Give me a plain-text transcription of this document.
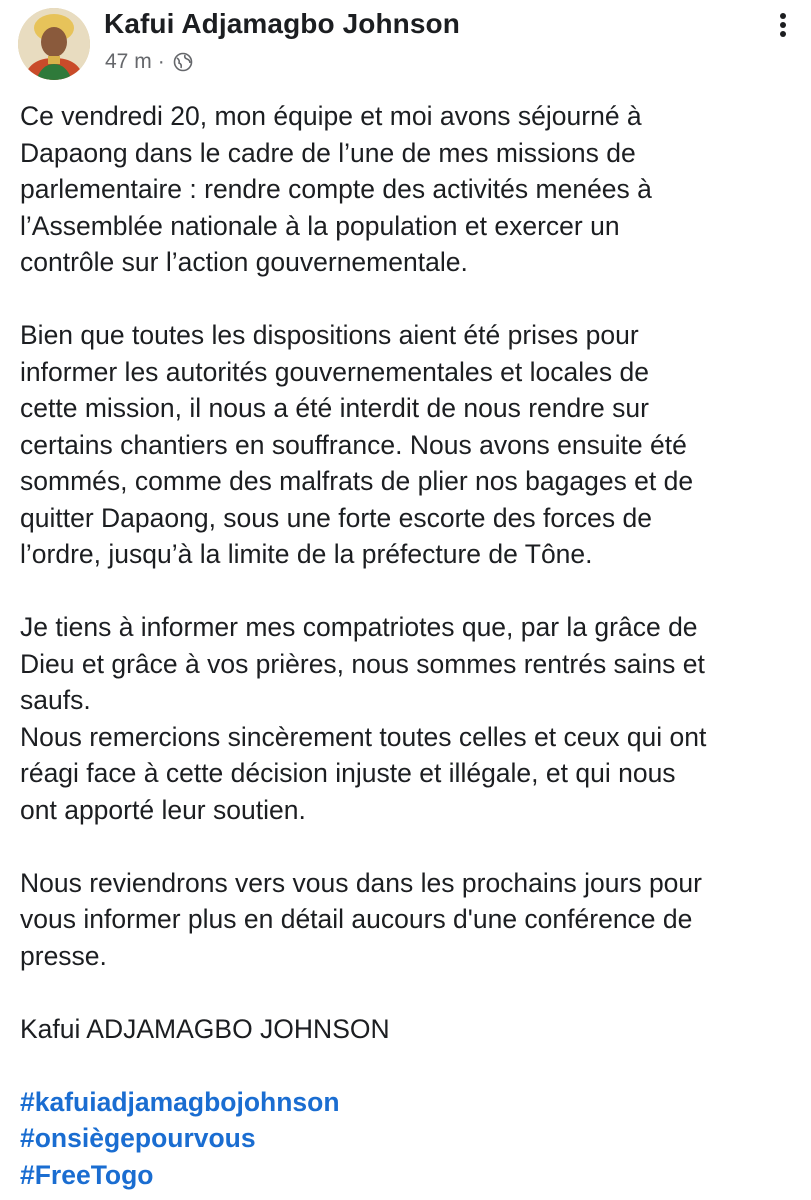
Kafui Adjamagbo Johnson
47 m ·

Ce vendredi 20, mon équipe et moi avons séjourné à
Dapaong dans le cadre de l’une de mes missions de
parlementaire : rendre compte des activités menées à
l’Assemblée nationale à la population et exercer un
contrôle sur l’action gouvernementale.

Bien que toutes les dispositions aient été prises pour
informer les autorités gouvernementales et locales de
cette mission, il nous a été interdit de nous rendre sur
certains chantiers en souffrance. Nous avons ensuite été
sommés, comme des malfrats de plier nos bagages et de
quitter Dapaong, sous une forte escorte des forces de
l’ordre, jusqu’à la limite de la préfecture de Tône.

Je tiens à informer mes compatriotes que, par la grâce de
Dieu et grâce à vos prières, nous sommes rentrés sains et
saufs.
Nous remercions sincèrement toutes celles et ceux qui ont
réagi face à cette décision injuste et illégale, et qui nous
ont apporté leur soutien.

Nous reviendrons vers vous dans les prochains jours pour
vous informer plus en détail aucours d'une conférence de
presse.

Kafui ADJAMAGBO JOHNSON

#kafuiadjamagbojohnson
#onsiègepourvous
#FreeTogo
